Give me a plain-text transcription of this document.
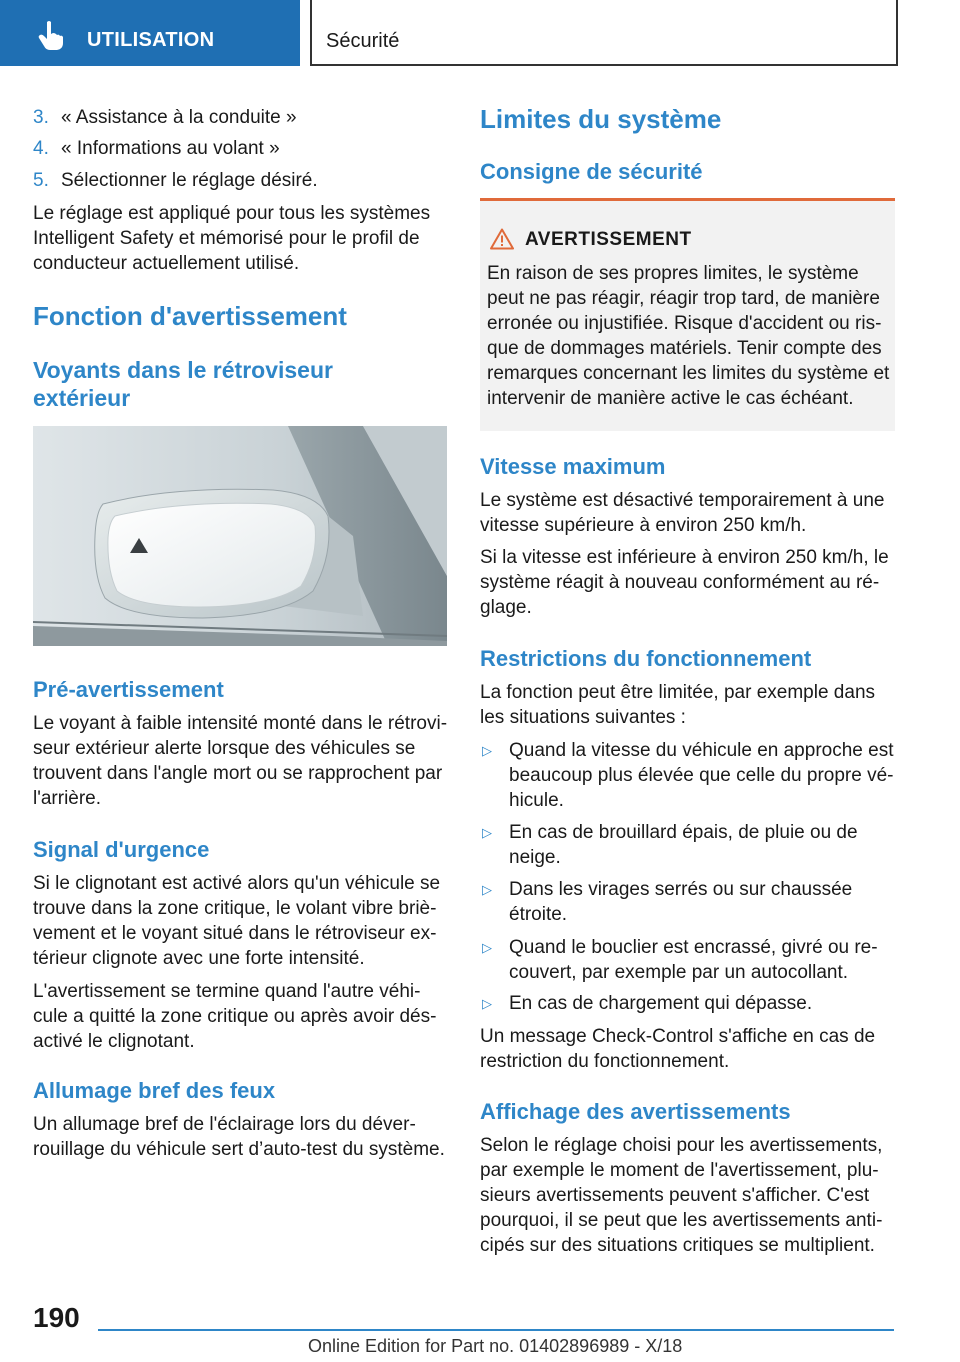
UTILISATION	Sécurité
3. « Assistance à la conduite »
4. « Informations au volant »
5. Sélectionner le réglage désiré.

Le réglage est appliqué pour tous les systèmes Intelligent Safety et mémorisé pour le profil de conducteur actuellement utilisé.

Fonction d'avertissement
Voyants dans le rétroviseur extérieur
Pré-avertissement

Le voyant à faible intensité monté dans le rétroviseur extérieur alerte lorsque des véhicules se trouvent dans l'angle mort ou se rapprochent par l'arrière.

Signal d'urgence

Si le clignotant est activé alors qu'un véhicule se trouve dans la zone critique, le volant vibre brièvement et le voyant situé dans le rétroviseur extérieur clignote avec une forte intensité.

L'avertissement se termine quand l'autre véhicule a quitté la zone critique ou après avoir désactivé le clignotant.

Allumage bref des feux

Un allumage bref de l'éclairage lors du déverrouillage du véhicule sert d’auto-test du système.

Limites du système
Consigne de sécurité
AVERTISSEMENT
En raison de ses propres limites, le système peut ne pas réagir, réagir trop tard, de manière erronée ou injustifiée. Risque d'accident ou risque de dommages matériels. Tenir compte des remarques concernant les limites du système et intervenir de manière active le cas échéant.
Vitesse maximum

Le système est désactivé temporairement à une vitesse supérieure à environ 250 km/h.

Si la vitesse est inférieure à environ 250 km/h, le système réagit à nouveau conformément au réglage.

Restrictions du fonctionnement

La fonction peut être limitée, par exemple dans les situations suivantes :

▷ Quand la vitesse du véhicule en approche est beaucoup plus élevée que celle du propre véhicule.
▷ En cas de brouillard épais, de pluie ou de neige.
▷ Dans les virages serrés ou sur chaussée étroite.
▷ Quand le bouclier est encrassé, givré ou recouvert, par exemple par un autocollant.
▷ En cas de chargement qui dépasse.

Un message Check-Control s'affiche en cas de restriction du fonctionnement.

Affichage des avertissements

Selon le réglage choisi pour les avertissements, par exemple le moment de l'avertissement, plusieurs avertissements peuvent s'afficher. C'est pourquoi, il se peut que les avertissements anticipés sur des situations critiques se multiplient.

190
Online Edition for Part no. 01402896989 - X/18
